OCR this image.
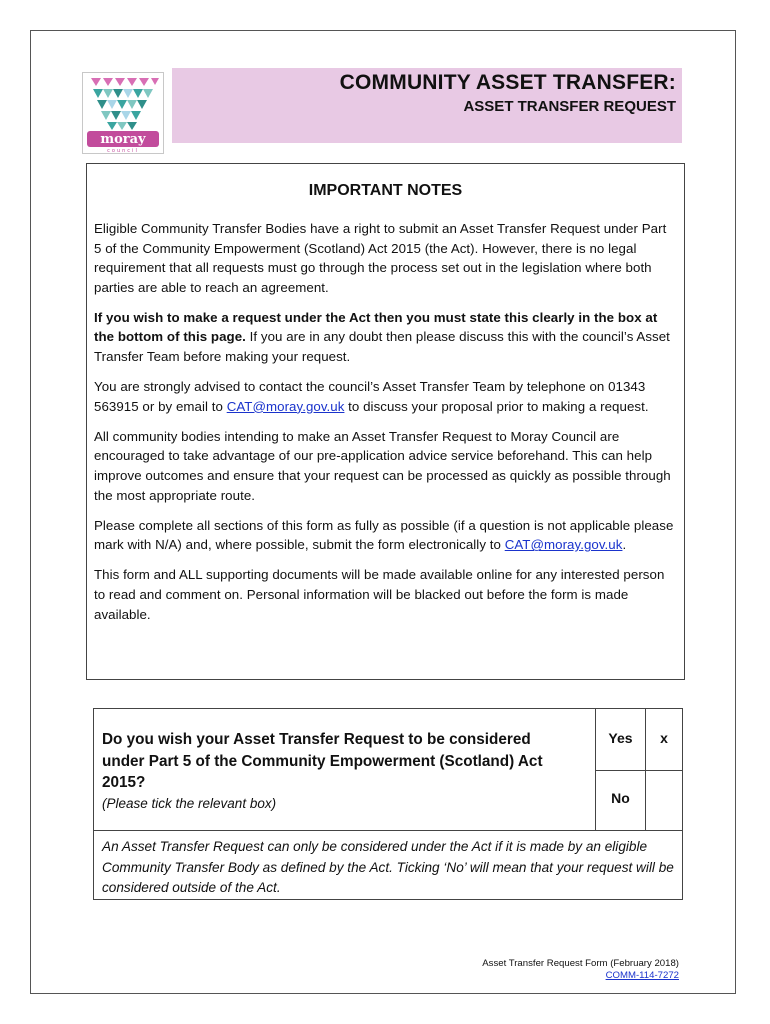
moray
council
COMMUNITY ASSET TRANSFER:
ASSET TRANSFER REQUEST
IMPORTANT NOTES

Eligible Community Transfer Bodies have a right to submit an Asset Transfer Request under Part 5 of the Community Empowerment (Scotland) Act 2015 (the Act). However, there is no legal requirement that all requests must go through the process set out in the legislation where both parties are able to reach an agreement.

If you wish to make a request under the Act then you must state this clearly in the box at the bottom of this page. If you are in any doubt then please discuss this with the council’s Asset Transfer Team before making your request.

You are strongly advised to contact the council’s Asset Transfer Team by telephone on 01343 563915 or by email to CAT@moray.gov.uk to discuss your proposal prior to making a request.

All community bodies intending to make an Asset Transfer Request to Moray Council are encouraged to take advantage of our pre-application advice service beforehand. This can help improve outcomes and ensure that your request can be processed as quickly as possible through the most appropriate route.

Please complete all sections of this form as fully as possible (if a question is not applicable please mark with N/A) and, where possible, submit the form electronically to CAT@moray.gov.uk.

This form and ALL supporting documents will be made available online for any interested person to read and comment on. Personal information will be blacked out before the form is made available.

Do you wish your Asset Transfer Request to be considered under Part 5 of the Community Empowerment (Scotland) Act 2015?
(Please tick the relevant box)
Yes	x
No
An Asset Transfer Request can only be considered under the Act if it is made by an eligible Community Transfer Body as defined by the Act. Ticking ‘No’ will mean that your request will be considered outside of the Act.
Asset Transfer Request Form (February 2018)
COMM-114-7272
